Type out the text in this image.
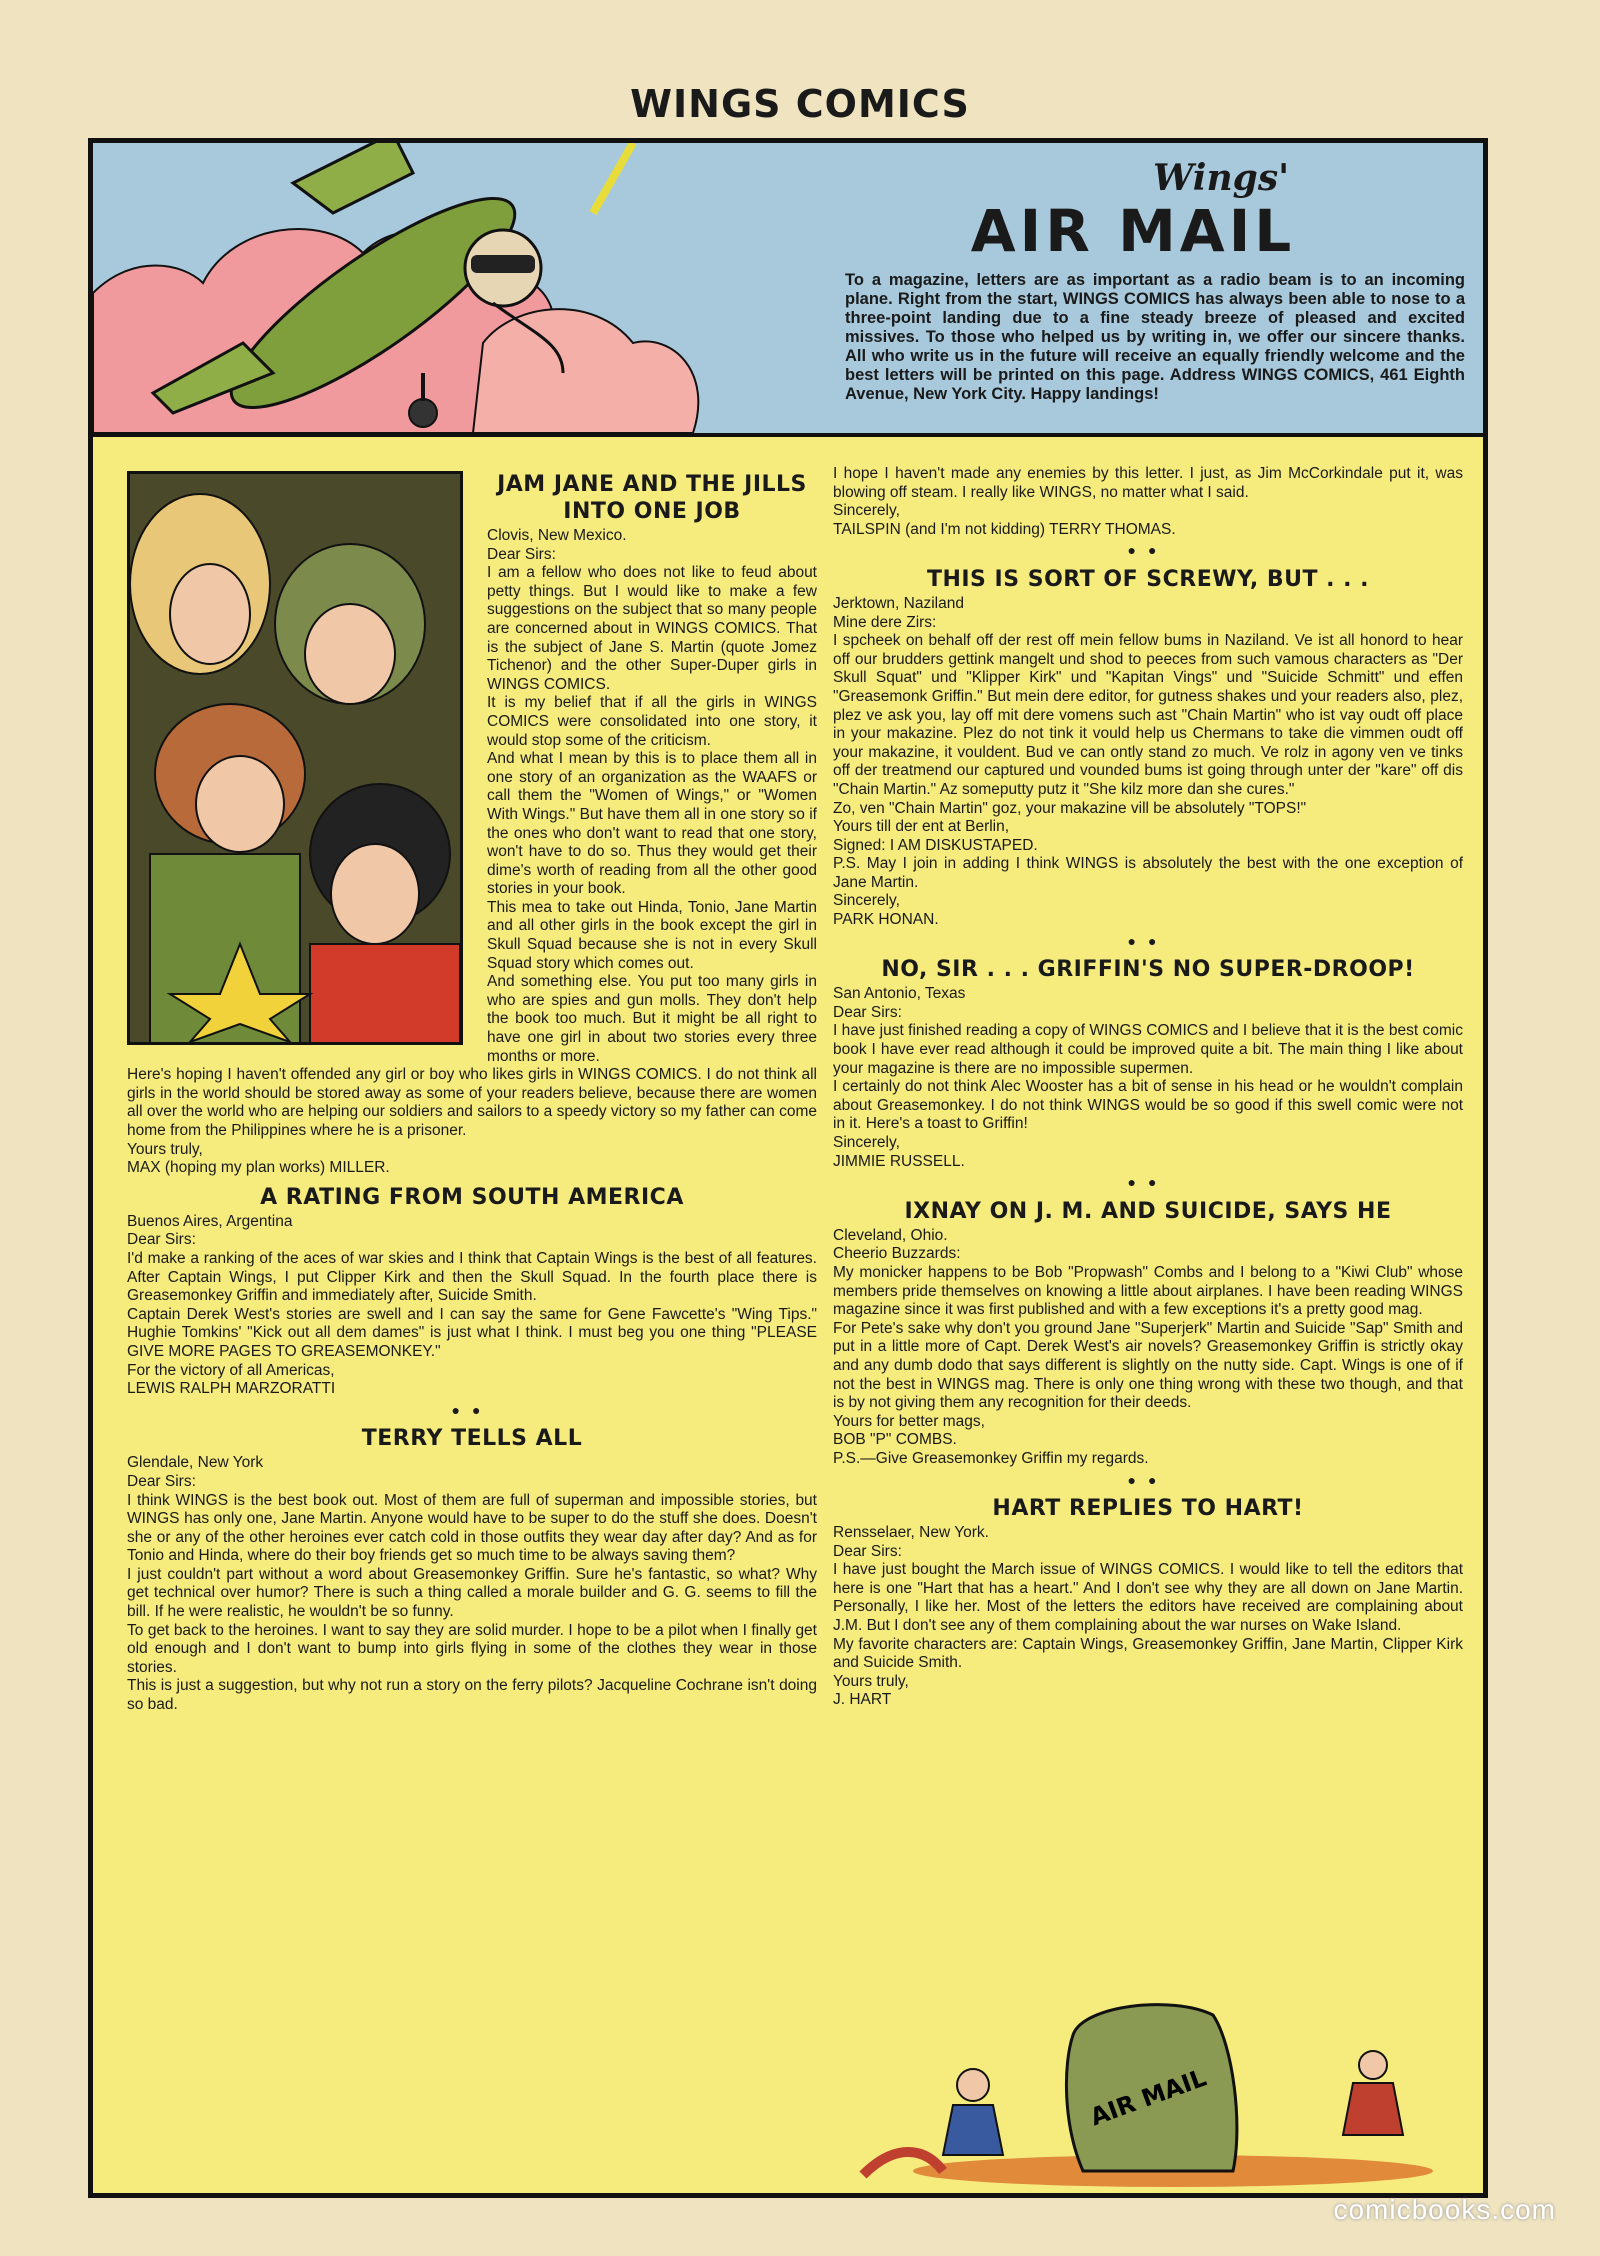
WINGS COMICS
Wings'
AIR MAIL
To a magazine, letters are as important as a radio beam is to an incoming plane. Right from the start, WINGS COMICS has always been able to nose to a three-point landing due to a fine steady breeze of pleased and excited missives. To those who helped us by writing in, we offer our sincere thanks. All who write us in the future will receive an equally friendly welcome and the best letters will be printed on this page. Address WINGS COMICS, 461 Eighth Avenue, New York City. Happy landings!
JAM JANE AND THE JILLS INTO ONE JOB

Clovis, New Mexico.

Dear Sirs:

I am a fellow who does not like to feud about petty things. But I would like to make a few suggestions on the subject that so many people are concerned about in WINGS COMICS. That is the subject of Jane S. Martin (quote Jomez Tichenor) and the other Super-Duper girls in WINGS COMICS.

It is my belief that if all the girls in WINGS COMICS were consolidated into one story, it would stop some of the criticism.

And what I mean by this is to place them all in one story of an organization as the WAAFS or call them the "Women of Wings," or "Women With Wings." But have them all in one story so if the ones who don't want to read that one story, won't have to do so. Thus they would get their dime's worth of reading from all the other good stories in your book.

This mea to take out Hinda, Tonio, Jane Martin and all other girls in the book except the girl in Skull Squad because she is not in every Skull Squad story which comes out.

And something else. You put too many girls in who are spies and gun molls. They don't help the book too much. But it might be all right to have one girl in about two stories every three months or more.

Here's hoping I haven't offended any girl or boy who likes girls in WINGS COMICS. I do not think all girls in the world should be stored away as some of your readers believe, because there are women all over the world who are helping our soldiers and sailors to a speedy victory so my father can come home from the Philippines where he is a prisoner.

Yours truly,

MAX (hoping my plan works) MILLER.

A RATING FROM SOUTH AMERICA

Buenos Aires, Argentina

Dear Sirs:

I'd make a ranking of the aces of war skies and I think that Captain Wings is the best of all features. After Captain Wings, I put Clipper Kirk and then the Skull Squad. In the fourth place there is Greasemonkey Griffin and immediately after, Suicide Smith.

Captain Derek West's stories are swell and I can say the same for Gene Fawcette's "Wing Tips." Hughie Tomkins' "Kick out all dem dames" is just what I think. I must beg you one thing "PLEASE GIVE MORE PAGES TO GREASEMONKEY."

For the victory of all Americas,

LEWIS RALPH MARZORATTI

●●
TERRY TELLS ALL

Glendale, New York

Dear Sirs:

I think WINGS is the best book out. Most of them are full of superman and impossible stories, but WINGS has only one, Jane Martin. Anyone would have to be super to do the stuff she does. Doesn't she or any of the other heroines ever catch cold in those outfits they wear day after day? And as for Tonio and Hinda, where do their boy friends get so much time to be always saving them?

I just couldn't part without a word about Greasemonkey Griffin. Sure he's fantastic, so what? Why get technical over humor? There is such a thing called a morale builder and G. G. seems to fill the bill. If he were realistic, he wouldn't be so funny.

To get back to the heroines. I want to say they are solid murder. I hope to be a pilot when I finally get old enough and I don't want to bump into girls flying in some of the clothes they wear in those stories.

This is just a suggestion, but why not run a story on the ferry pilots? Jacqueline Cochrane isn't doing so bad.

I hope I haven't made any enemies by this letter. I just, as Jim McCorkindale put it, was blowing off steam. I really like WINGS, no matter what I said.

Sincerely,

TAILSPIN (and I'm not kidding) TERRY THOMAS.

●●
THIS IS SORT OF SCREWY, BUT . . .

Jerktown, Naziland

Mine dere Zirs:

I spcheek on behalf off der rest off mein fellow bums in Naziland. Ve ist all honord to hear off our brudders gettink mangelt und shod to peeces from such vamous characters as "Der Skull Squat" und "Klipper Kirk" und "Kapitan Vings" und "Suicide Schmitt" und effen "Greasemonk Griffin." But mein dere editor, for gutness shakes und your readers also, plez, plez ve ask you, lay off mit dere vomens such ast "Chain Martin" who ist vay oudt off place in your makazine. Plez do not tink it vould help us Chermans to take die vimmen oudt off your makazine, it vouldent. Bud ve can ontly stand zo much. Ve rolz in agony ven ve tinks off der treatmend our captured und vounded bums ist going through unter der "kare" off dis "Chain Martin." Az someputty putz it "She kilz more dan she cures."

Zo, ven "Chain Martin" goz, your makazine vill be absolutely "TOPS!"

Yours till der ent at Berlin,

Signed: I AM DISKUSTAPED.

P.S. May I join in adding I think WINGS is absolutely the best with the one exception of Jane Martin.

Sincerely,

PARK HONAN.

●●
NO, SIR . . . GRIFFIN'S NO SUPER-DROOP!

San Antonio, Texas

Dear Sirs:

I have just finished reading a copy of WINGS COMICS and I believe that it is the best comic book I have ever read although it could be improved quite a bit. The main thing I like about your magazine is there are no impossible supermen.

I certainly do not think Alec Wooster has a bit of sense in his head or he wouldn't complain about Greasemonkey. I do not think WINGS would be so good if this swell comic were not in it. Here's a toast to Griffin!

Sincerely,

JIMMIE RUSSELL.

●●
IXNAY ON J. M. AND SUICIDE, SAYS HE

Cleveland, Ohio.

Cheerio Buzzards:

My monicker happens to be Bob "Propwash" Combs and I belong to a "Kiwi Club" whose members pride themselves on knowing a little about airplanes. I have been reading WINGS magazine since it was first published and with a few exceptions it's a pretty good mag.

For Pete's sake why don't you ground Jane "Superjerk" Martin and Suicide "Sap" Smith and put in a little more of Capt. Derek West's air novels? Greasemonkey Griffin is strictly okay and any dumb dodo that says different is slightly on the nutty side. Capt. Wings is one of if not the best in WINGS mag. There is only one thing wrong with these two though, and that is by not giving them any recognition for their deeds.

Yours for better mags,

BOB "P" COMBS.

P.S.—Give Greasemonkey Griffin my regards.

●●
HART REPLIES TO HART!

Rensselaer, New York.

Dear Sirs:

I have just bought the March issue of WINGS COMICS. I would like to tell the editors that here is one "Hart that has a heart." And I don't see why they are all down on Jane Martin. Personally, I like her. Most of the letters the editors have received are complaining about J.M. But I don't see any of them complaining about the war nurses on Wake Island.

My favorite characters are: Captain Wings, Greasemonkey Griffin, Jane Martin, Clipper Kirk and Suicide Smith.

Yours truly,

J. HART

AIR MAIL
comicbooks.com
